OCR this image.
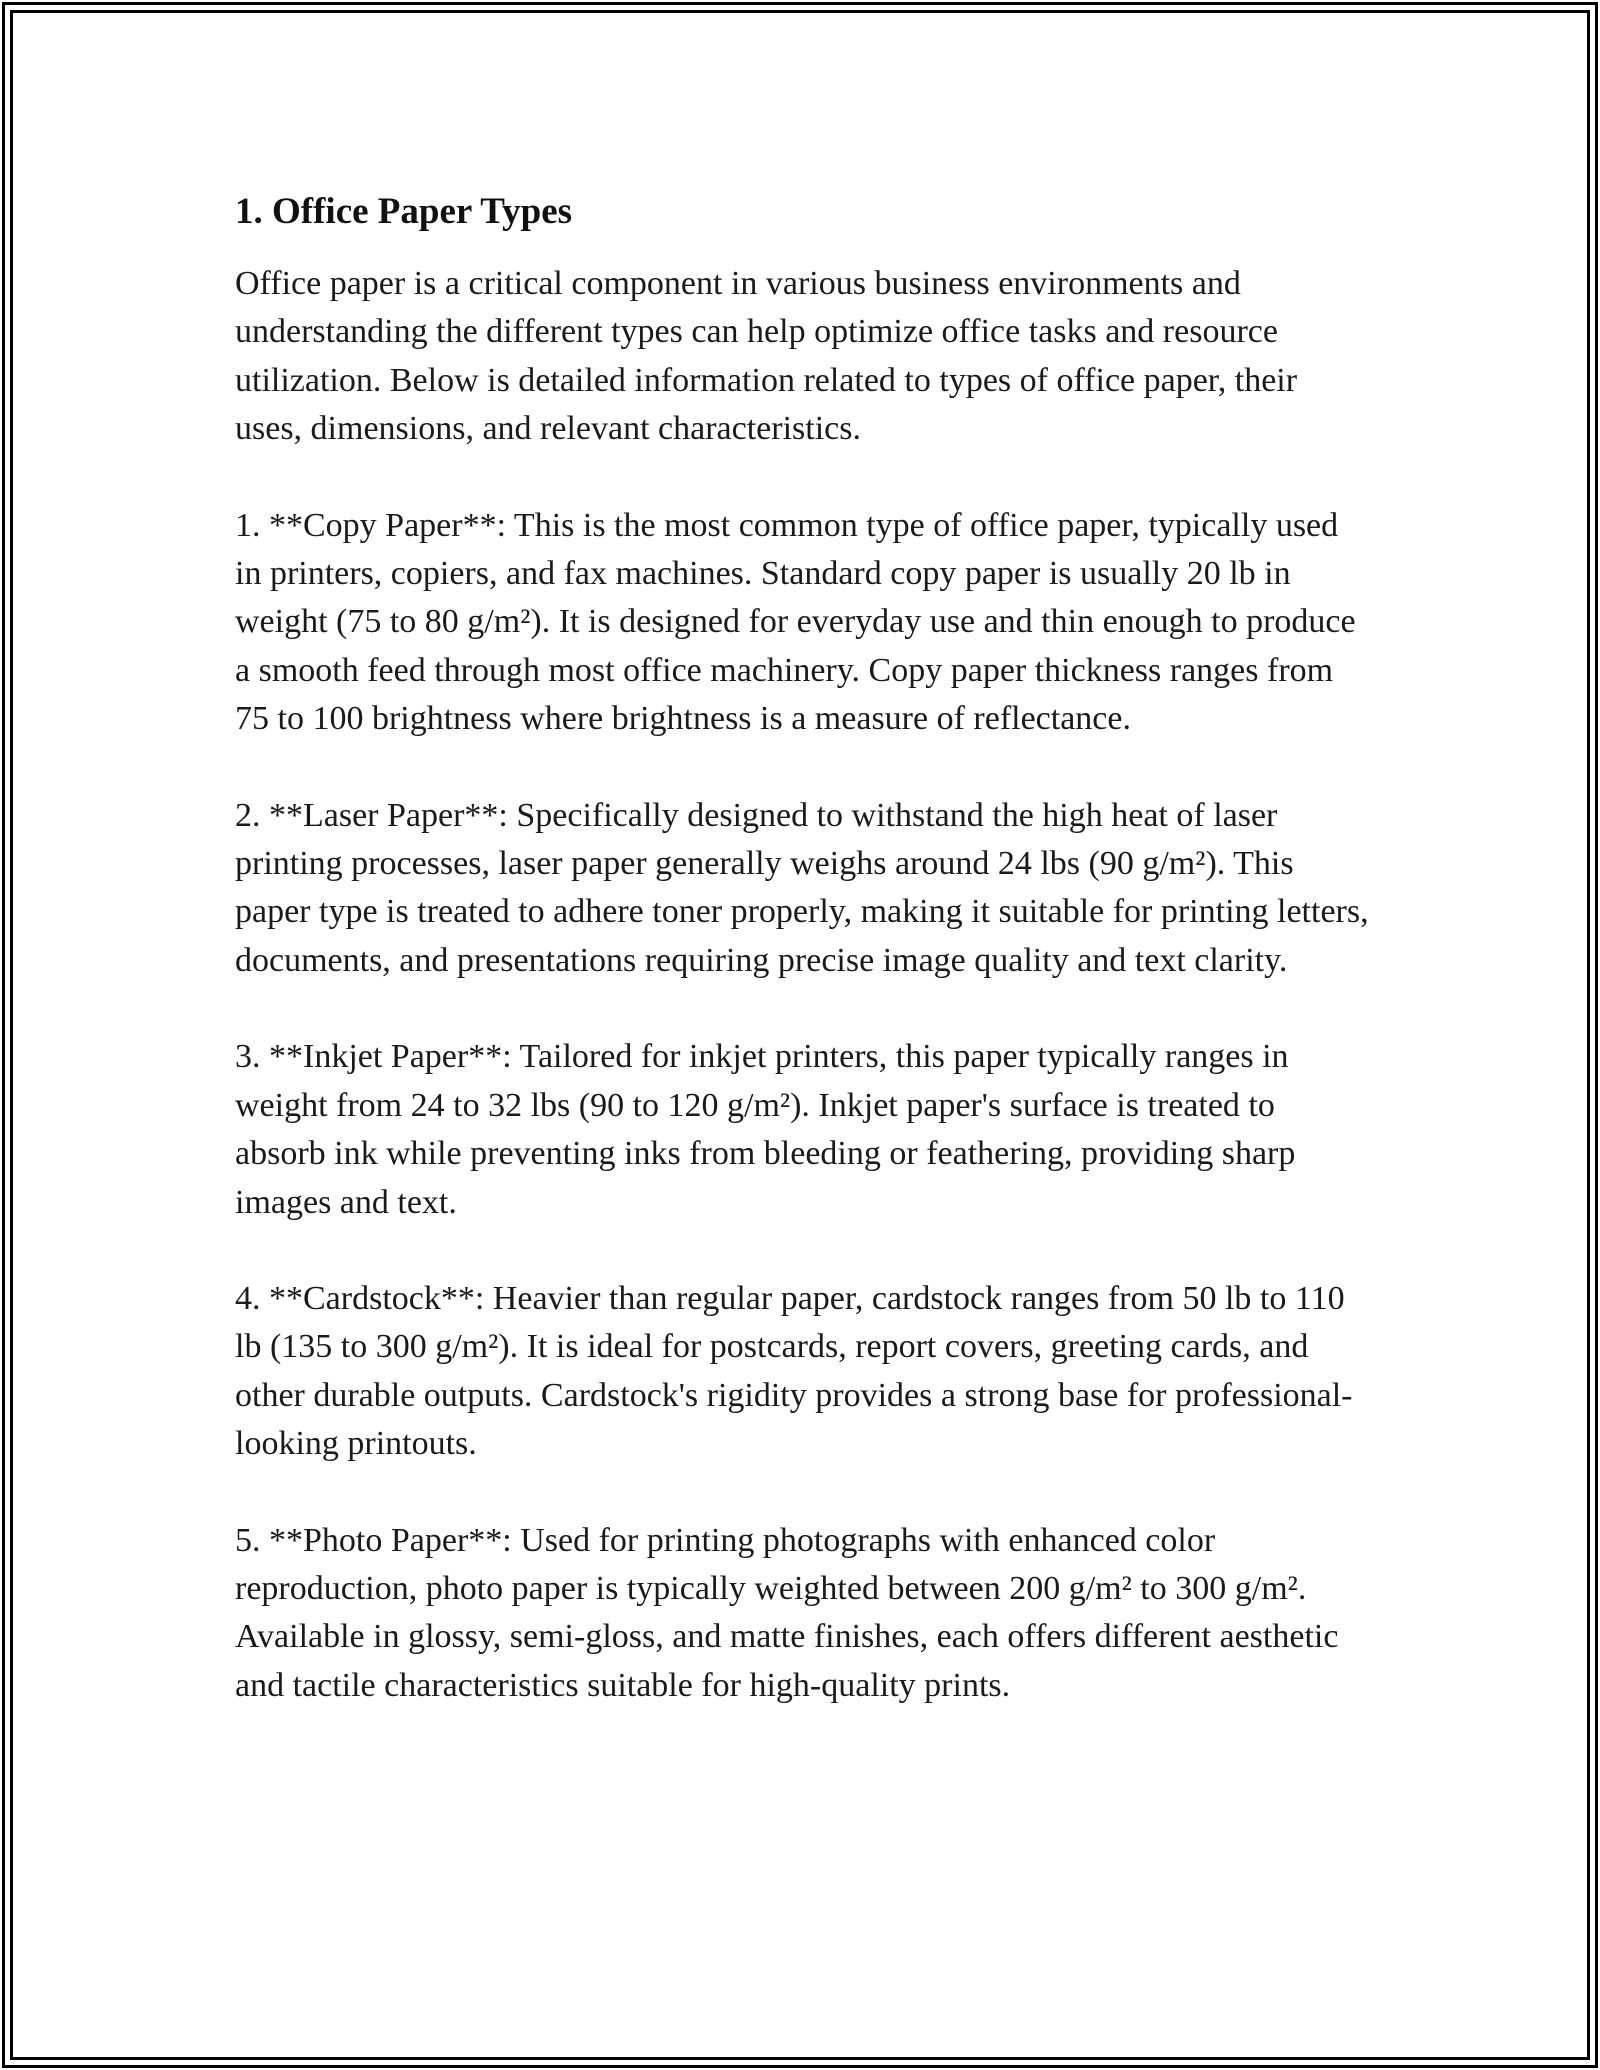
1. Office Paper Types

Office paper is a critical component in various business environments and understanding the different types can help optimize office tasks and resource utilization. Below is detailed information related to types of office paper, their uses, dimensions, and relevant characteristics.

1. **Copy Paper**: This is the most common type of office paper, typically used in printers, copiers, and fax machines. Standard copy paper is usually 20 lb in weight (75 to 80 g/m²). It is designed for everyday use and thin enough to produce a smooth feed through most office machinery. Copy paper thickness ranges from 75 to 100 brightness where brightness is a measure of reflectance.

2. **Laser Paper**: Specifically designed to withstand the high heat of laser printing processes, laser paper generally weighs around 24 lbs (90 g/m²). This paper type is treated to adhere toner properly, making it suitable for printing letters, documents, and presentations requiring precise image quality and text clarity.

3. **Inkjet Paper**: Tailored for inkjet printers, this paper typically ranges in weight from 24 to 32 lbs (90 to 120 g/m²). Inkjet paper's surface is treated to absorb ink while preventing inks from bleeding or feathering, providing sharp images and text.

4. **Cardstock**: Heavier than regular paper, cardstock ranges from 50 lb to 110 lb (135 to 300 g/m²). It is ideal for postcards, report covers, greeting cards, and other durable outputs. Cardstock's rigidity provides a strong base for professional-looking printouts.

5. **Photo Paper**: Used for printing photographs with enhanced color reproduction, photo paper is typically weighted between 200 g/m² to 300 g/m². Available in glossy, semi-gloss, and matte finishes, each offers different aesthetic and tactile characteristics suitable for high-quality prints.
